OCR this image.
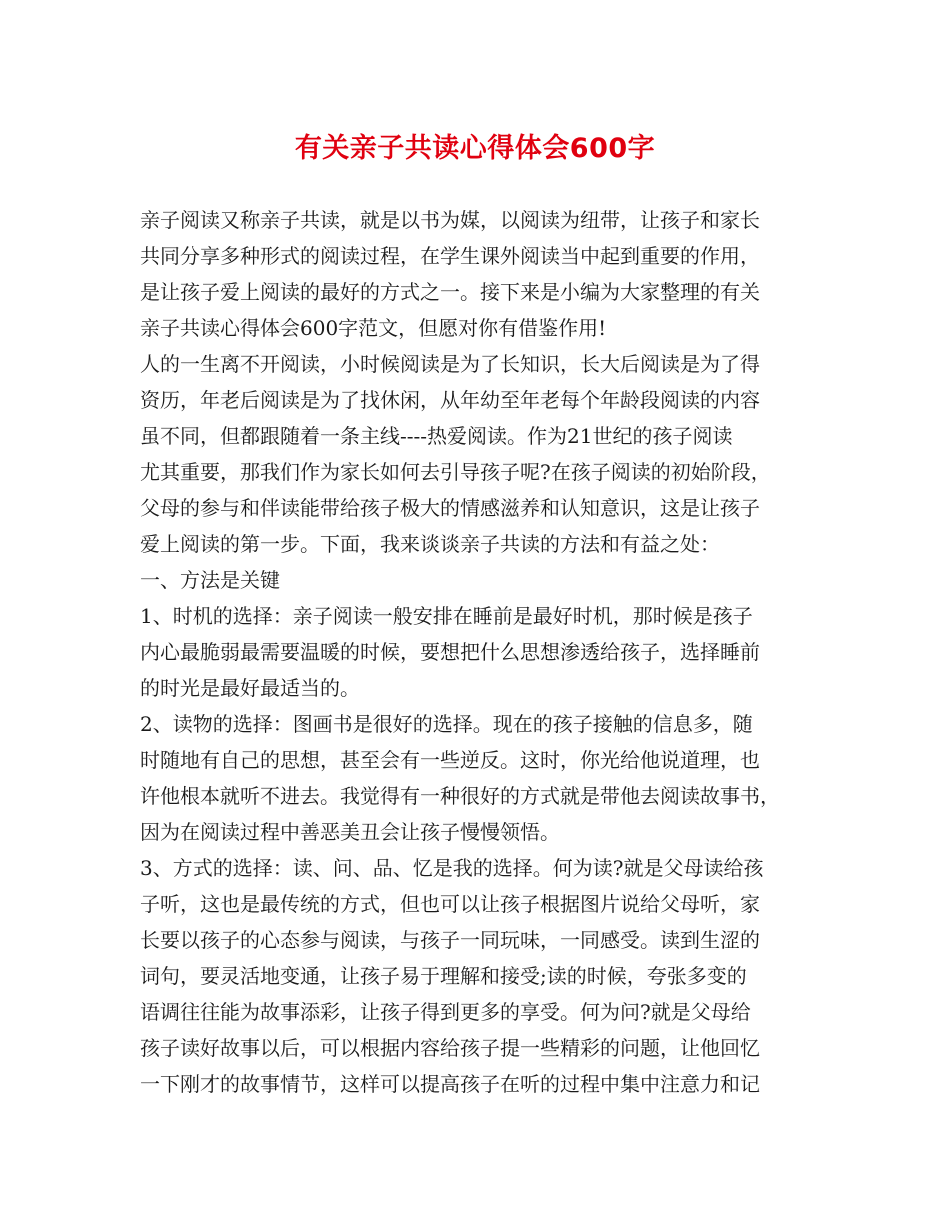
有关亲子共读心得体会600字

亲子阅读又称亲子共读，就是以书为媒，以阅读为纽带，让孩子和家长

共同分享多种形式的阅读过程，在学生课外阅读当中起到重要的作用，

是让孩子爱上阅读的最好的方式之一。接下来是小编为大家整理的有关

亲子共读心得体会600字范文，但愿对你有借鉴作用!

人的一生离不开阅读，小时候阅读是为了长知识，长大后阅读是为了得

资历，年老后阅读是为了找休闲，从年幼至年老每个年龄段阅读的内容

虽不同，但都跟随着一条主线----热爱阅读。作为21世纪的孩子阅读

尤其重要，那我们作为家长如何去引导孩子呢?在孩子阅读的初始阶段，

父母的参与和伴读能带给孩子极大的情感滋养和认知意识，这是让孩子

爱上阅读的第一步。下面，我来谈谈亲子共读的方法和有益之处：

一、方法是关键

1、时机的选择：亲子阅读一般安排在睡前是最好时机，那时候是孩子

内心最脆弱最需要温暖的时候，要想把什么思想渗透给孩子，选择睡前

的时光是最好最适当的。

2、读物的选择：图画书是很好的选择。现在的孩子接触的信息多，随

时随地有自己的思想，甚至会有一些逆反。这时，你光给他说道理，也

许他根本就听不进去。我觉得有一种很好的方式就是带他去阅读故事书，

因为在阅读过程中善恶美丑会让孩子慢慢领悟。

3、方式的选择：读、问、品、忆是我的选择。何为读?就是父母读给孩

子听，这也是最传统的方式，但也可以让孩子根据图片说给父母听，家

长要以孩子的心态参与阅读，与孩子一同玩味，一同感受。读到生涩的

词句，要灵活地变通，让孩子易于理解和接受;读的时候，夸张多变的

语调往往能为故事添彩，让孩子得到更多的享受。何为问?就是父母给

孩子读好故事以后，可以根据内容给孩子提一些精彩的问题，让他回忆

一下刚才的故事情节，这样可以提高孩子在听的过程中集中注意力和记
